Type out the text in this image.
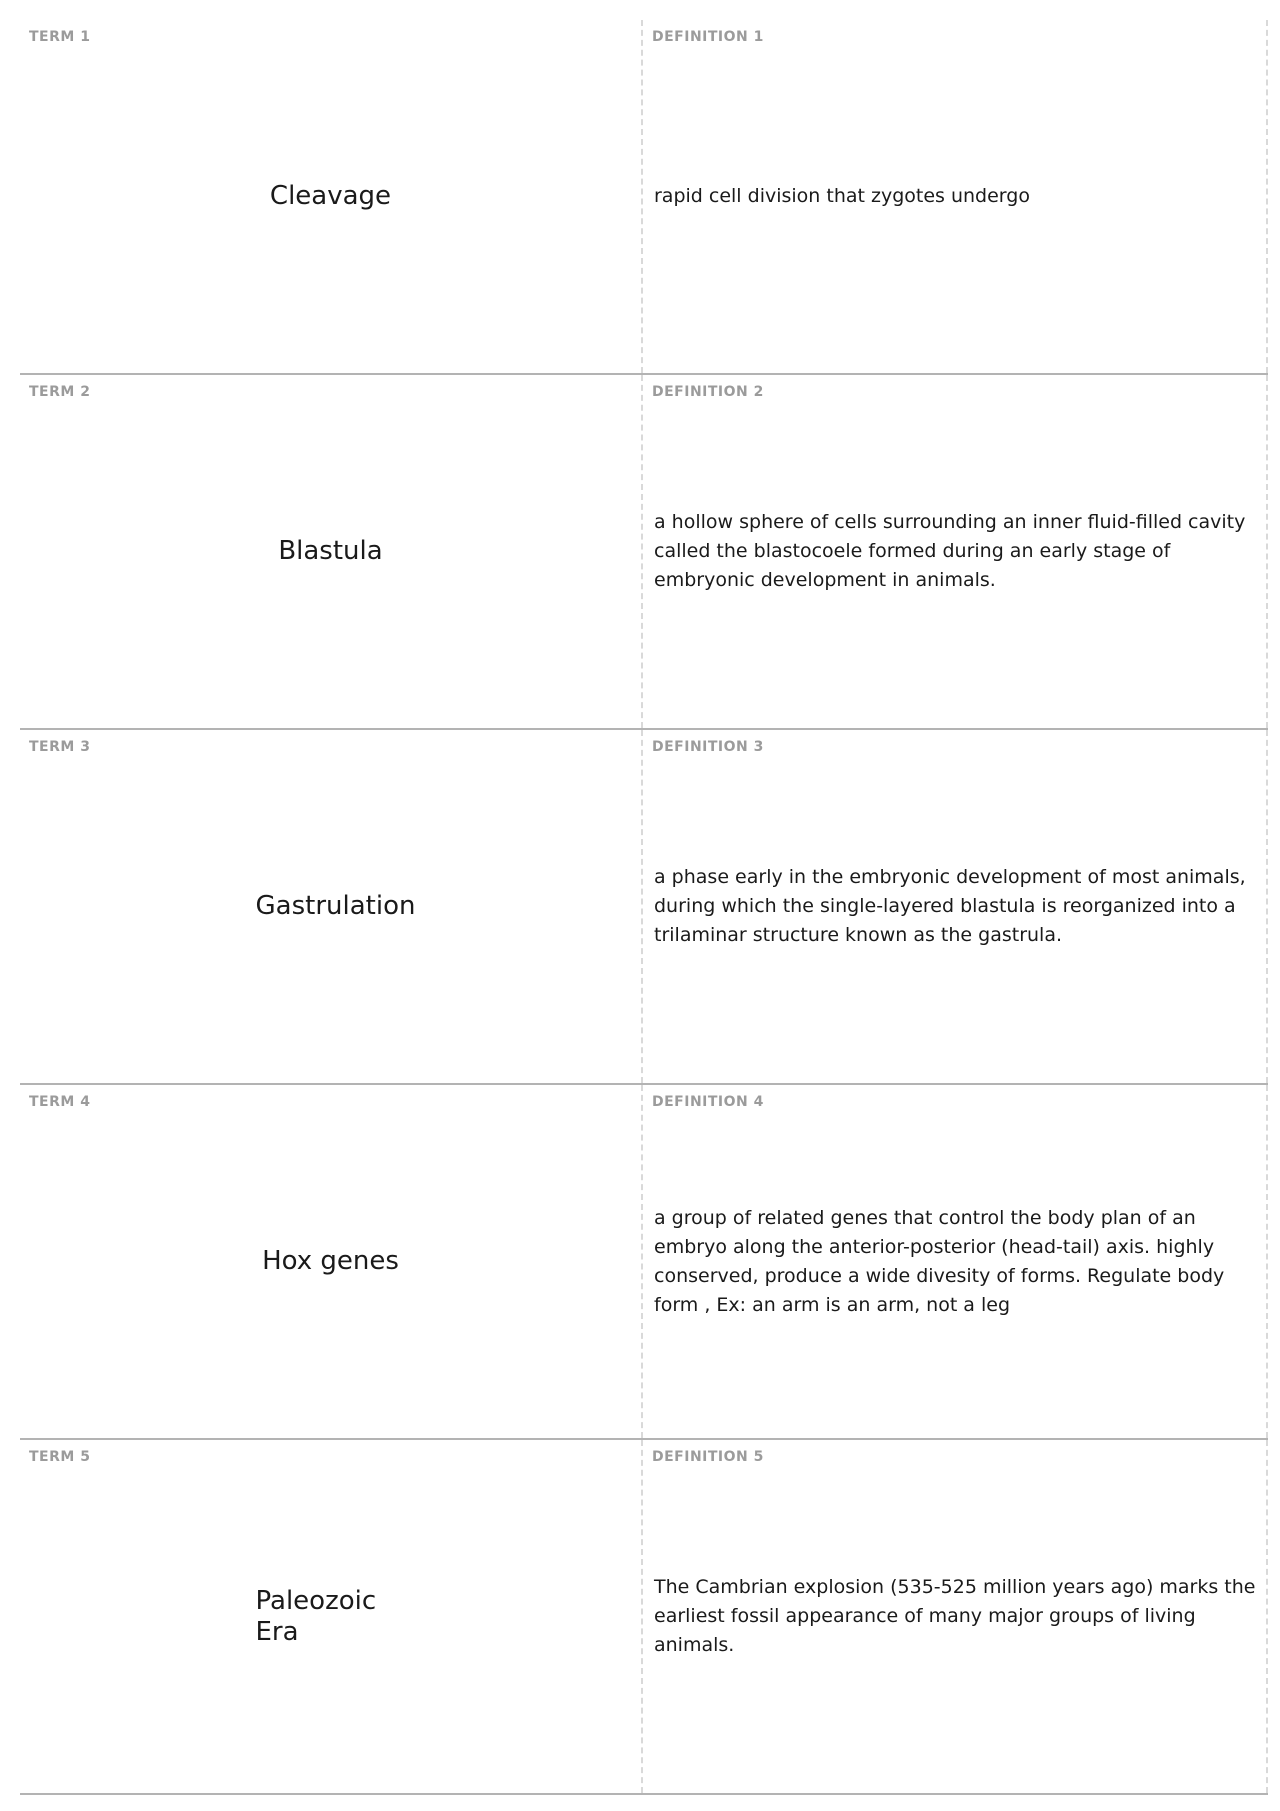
TERM 1
Cleavage
DEFINITION 1
rapid cell division that zygotes undergo
TERM 2
Blastula
DEFINITION 2
a hollow sphere of cells surrounding an inner fluid-filled cavity called the blastocoele formed during an early stage of embryonic development in animals.
TERM 3
Gastrulation
DEFINITION 3
a phase early in the embryonic development of most animals, during which the single-layered blastula is reorganized into a trilaminar structure known as the gastrula.
TERM 4
Hox genes
DEFINITION 4
a group of related genes that control the body plan of an embryo along the anterior-posterior (head-tail) axis. highly conserved, produce a wide divesity of forms. Regulate body form , Ex: an arm is an arm, not a leg
TERM 5
Paleozoic Era
DEFINITION 5
The Cambrian explosion (535-525 million years ago) marks the earliest fossil appearance of many major groups of living animals.
